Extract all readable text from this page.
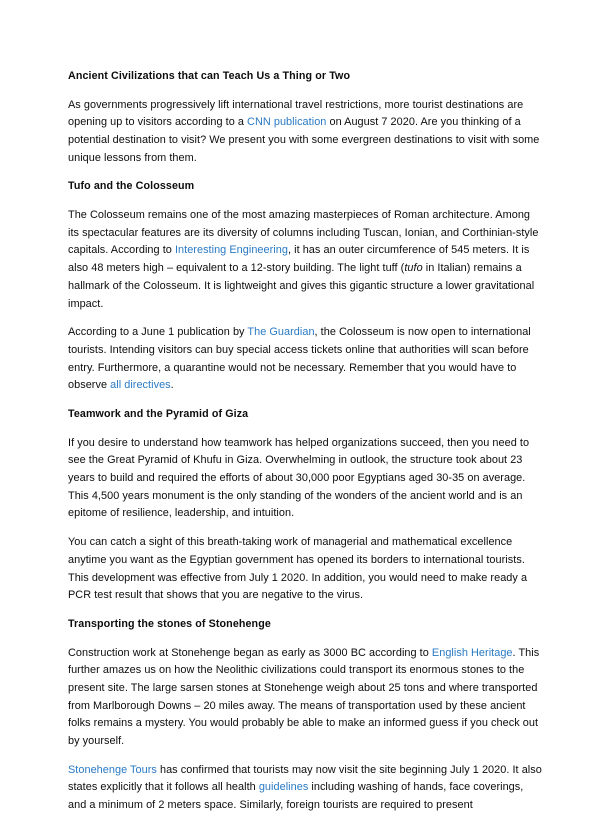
Ancient Civilizations that can Teach Us a Thing or Two

As governments progressively lift international travel restrictions, more tourist destinations are opening up to visitors according to a CNN publication on August 7 2020. Are you thinking of a potential destination to visit? We present you with some evergreen destinations to visit with some unique lessons from them.

Tufo and the Colosseum

The Colosseum remains one of the most amazing masterpieces of Roman architecture. Among its spectacular features are its diversity of columns including Tuscan, Ionian, and Corthinian-style capitals. According to Interesting Engineering, it has an outer circumference of 545 meters. It is also 48 meters high – equivalent to a 12-story building. The light tuff (tufo in Italian) remains a hallmark of the Colosseum. It is lightweight and gives this gigantic structure a lower gravitational impact.

According to a June 1 publication by The Guardian, the Colosseum is now open to international tourists. Intending visitors can buy special access tickets online that authorities will scan before entry. Furthermore, a quarantine would not be necessary. Remember that you would have to observe all directives.

Teamwork and the Pyramid of Giza

If you desire to understand how teamwork has helped organizations succeed, then you need to see the Great Pyramid of Khufu in Giza. Overwhelming in outlook, the structure took about 23 years to build and required the efforts of about 30,000 poor Egyptians aged 30-35 on average. This 4,500 years monument is the only standing of the wonders of the ancient world and is an epitome of resilience, leadership, and intuition.

You can catch a sight of this breath-taking work of managerial and mathematical excellence anytime you want as the Egyptian government has opened its borders to international tourists. This development was effective from July 1 2020. In addition, you would need to make ready a PCR test result that shows that you are negative to the virus.

Transporting the stones of Stonehenge

Construction work at Stonehenge began as early as 3000 BC according to English Heritage. This further amazes us on how the Neolithic civilizations could transport its enormous stones to the present site. The large sarsen stones at Stonehenge weigh about 25 tons and where transported from Marlborough Downs – 20 miles away. The means of transportation used by these ancient folks remains a mystery. You would probably be able to make an informed guess if you check out by yourself.

Stonehenge Tours has confirmed that tourists may now visit the site beginning July 1 2020. It also states explicitly that it follows all health guidelines including washing of hands, face coverings, and a minimum of 2 meters space. Similarly, foreign tourists are required to present
